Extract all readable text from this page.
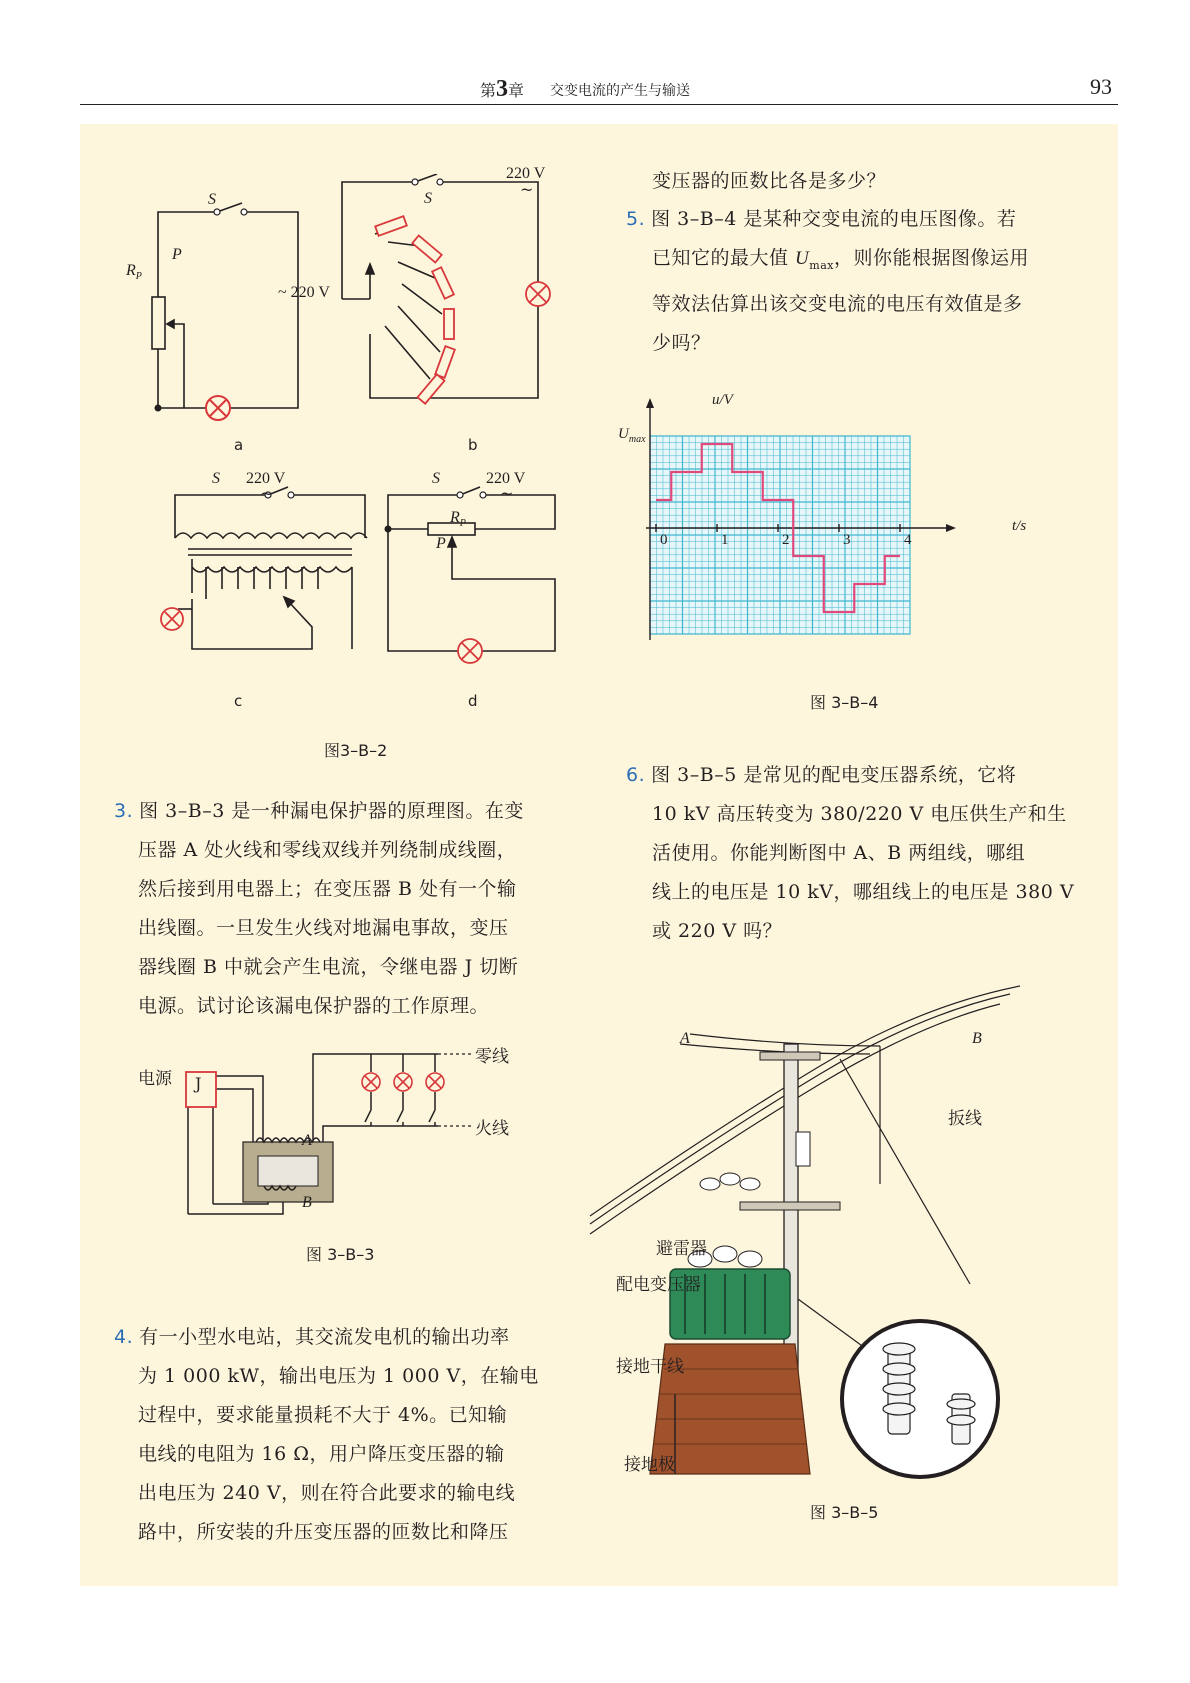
第3章 交变电流的产生与输送	93
S
P
$R_P$
~ 220 V
S
220 V
~
a	b
S 220 V
~
S	220 V
~
$R_P$
P
c	d
图3–B–2
3. 图 3–B–3 是一种漏电保护器的原理图。在变
压器 A 处火线和零线双线并列绕制成线圈，
然后接到用电器上；在变压器 B 处有一个输
出线圈。一旦发生火线对地漏电事故，变压
器线圈 B 中就会产生电流，令继电器 J 切断
电源。试讨论该漏电保护器的工作原理。
电源 J
A
B
零线
火线
图 3–B–3
4. 有一小型水电站，其交流发电机的输出功率
为 1 000 kW，输出电压为 1 000 V，在输电
过程中，要求能量损耗不大于 4%。已知输
电线的电阻为 16 Ω，用户降压变压器的输
出电压为 240 V，则在符合此要求的输电线
路中，所安装的升压变压器的匝数比和降压
变压器的匝数比各是多少？
5. 图 3–B–4 是某种交变电流的电压图像。若
已知它的最大值 $U_{max}$，则你能根据图像运用
等效法估算出该交变电流的电压有效值是多
少吗？
0	1	2	3	4
u/V
$U_{max}$
t/s
图 3–B–4
6. 图 3–B–5 是常见的配电变压器系统，它将
10 kV 高压转变为 380/220 V 电压供生产和生
活使用。你能判断图中 A、B 两组线，哪组
线上的电压是 10 kV，哪组线上的电压是 380 V
或 220 V 吗？
A	B
扳线
避雷器
配电变压器
接地干线
接地极
图 3–B–5
